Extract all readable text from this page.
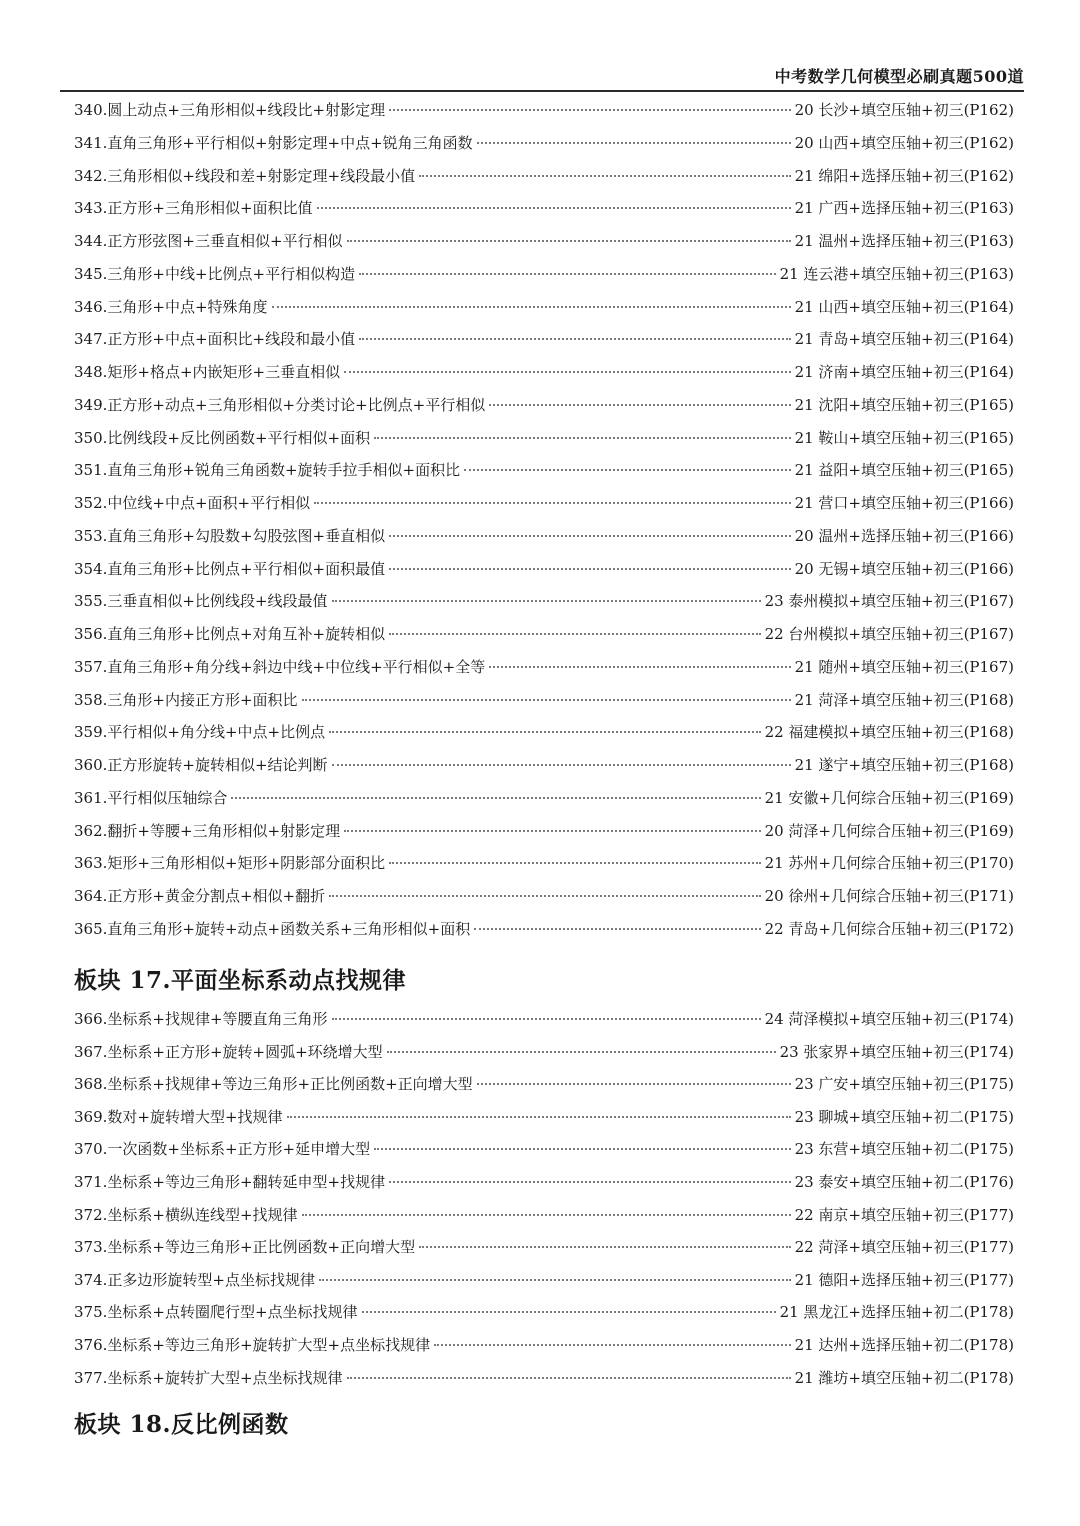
中考数学几何模型必刷真题500道
340. 圆上动点+三角形相似+线段比+射影定理	20 长沙+填空压轴+初三(P162)
341. 直角三角形+平行相似+射影定理+中点+锐角三角函数	20 山西+填空压轴+初三(P162)
342. 三角形相似+线段和差+射影定理+线段最小值	21 绵阳+选择压轴+初三(P162)
343. 正方形+三角形相似+面积比值	21 广西+选择压轴+初三(P163)
344. 正方形弦图+三垂直相似+平行相似	21 温州+选择压轴+初三(P163)
345. 三角形+中线+比例点+平行相似构造	21 连云港+填空压轴+初三(P163)
346. 三角形+中点+特殊角度	21 山西+填空压轴+初三(P164)
347. 正方形+中点+面积比+线段和最小值	21 青岛+填空压轴+初三(P164)
348. 矩形+格点+内嵌矩形+三垂直相似	21 济南+填空压轴+初三(P164)
349. 正方形+动点+三角形相似+分类讨论+比例点+平行相似	21 沈阳+填空压轴+初三(P165)
350. 比例线段+反比例函数+平行相似+面积	21 鞍山+填空压轴+初三(P165)
351. 直角三角形+锐角三角函数+旋转手拉手相似+面积比	21 益阳+填空压轴+初三(P165)
352. 中位线+中点+面积+平行相似	21 营口+填空压轴+初三(P166)
353. 直角三角形+勾股数+勾股弦图+垂直相似	20 温州+选择压轴+初三(P166)
354. 直角三角形+比例点+平行相似+面积最值	20 无锡+填空压轴+初三(P166)
355. 三垂直相似+比例线段+线段最值	23 泰州模拟+填空压轴+初三(P167)
356. 直角三角形+比例点+对角互补+旋转相似	22 台州模拟+填空压轴+初三(P167)
357. 直角三角形+角分线+斜边中线+中位线+平行相似+全等	21 随州+填空压轴+初三(P167)
358. 三角形+内接正方形+面积比	21 菏泽+填空压轴+初三(P168)
359. 平行相似+角分线+中点+比例点	22 福建模拟+填空压轴+初三(P168)
360. 正方形旋转+旋转相似+结论判断	21 遂宁+填空压轴+初三(P168)
361. 平行相似压轴综合	21 安徽+几何综合压轴+初三(P169)
362. 翻折+等腰+三角形相似+射影定理	20 菏泽+几何综合压轴+初三(P169)
363. 矩形+三角形相似+矩形+阴影部分面积比	21 苏州+几何综合压轴+初三(P170)
364. 正方形+黄金分割点+相似+翻折	20 徐州+几何综合压轴+初三(P171)
365. 直角三角形+旋转+动点+函数关系+三角形相似+面积	22 青岛+几何综合压轴+初三(P172)
板块 17.平面坐标系动点找规律
366. 坐标系+找规律+等腰直角三角形	24 菏泽模拟+填空压轴+初三(P174)
367. 坐标系+正方形+旋转+圆弧+环绕增大型	23 张家界+填空压轴+初三(P174)
368. 坐标系+找规律+等边三角形+正比例函数+正向增大型	23 广安+填空压轴+初三(P175)
369. 数对+旋转增大型+找规律	23 聊城+填空压轴+初二(P175)
370. 一次函数+坐标系+正方形+延申增大型	23 东营+填空压轴+初二(P175)
371. 坐标系+等边三角形+翻转延申型+找规律	23 泰安+填空压轴+初二(P176)
372. 坐标系+横纵连线型+找规律	22 南京+填空压轴+初三(P177)
373. 坐标系+等边三角形+正比例函数+正向增大型	22 菏泽+填空压轴+初三(P177)
374. 正多边形旋转型+点坐标找规律	21 德阳+选择压轴+初三(P177)
375. 坐标系+点转圈爬行型+点坐标找规律	21 黑龙江+选择压轴+初二(P178)
376. 坐标系+等边三角形+旋转扩大型+点坐标找规律	21 达州+选择压轴+初二(P178)
377. 坐标系+旋转扩大型+点坐标找规律	21 潍坊+填空压轴+初二(P178)
板块 18.反比例函数
